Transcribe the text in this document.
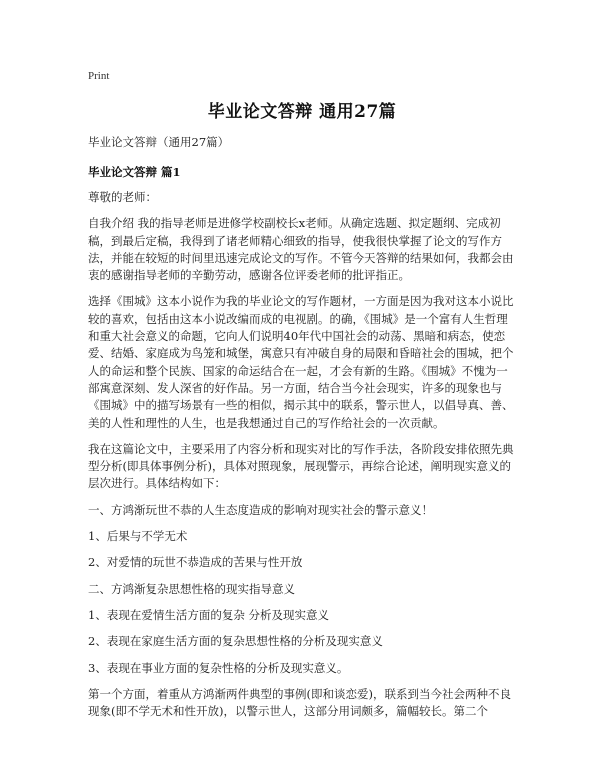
Print
毕业论文答辩 通用27篇
毕业论文答辩（通用27篇）
毕业论文答辩 篇1

尊敬的老师：

自我介绍 我的指导老师是进修学校副校长x老师。从确定选题、拟定题纲、完成初稿，到最后定稿，我得到了诸老师精心细致的指导，使我很快掌握了论文的写作方法，并能在较短的时间里迅速完成论文的写作。不管今天答辩的结果如何，我都会由衷的感谢指导老师的辛勤劳动，感谢各位评委老师的批评指正。

选择《围城》这本小说作为我的毕业论文的写作题材，一方面是因为我对这本小说比较的喜欢，包括由这本小说改编而成的电视剧。的确，《围城》是一个富有人生哲理和重大社会意义的命题，它向人们说明40年代中国社会的动荡、黑暗和病态，使恋爱、结婚、家庭成为鸟笼和城堡，寓意只有冲破自身的局限和昏暗社会的围城，把个人的命运和整个民族、国家的命运结合在一起，才会有新的生路。《围城》不愧为一部寓意深刻、发人深省的好作品。另一方面，结合当今社会现实，许多的现象也与《围城》中的描写场景有一些的相似，揭示其中的联系，警示世人，以倡导真、善、美的人性和理性的人生，也是我想通过自己的写作给社会的一次贡献。

我在这篇论文中，主要采用了内容分析和现实对比的写作手法，各阶段安排依照先典型分析(即具体事例分析)，具体对照现象，展现警示，再综合论述，阐明现实意义的层次进行。具体结构如下：

一、方鸿渐玩世不恭的人生态度造成的影响对现实社会的警示意义！

1、后果与不学无术

2、对爱情的玩世不恭造成的苦果与性开放

二、方鸿渐复杂思想性格的现实指导意义

1、表现在爱情生活方面的复杂 分析及现实意义

2、表现在家庭生活方面的复杂思想性格的分析及现实意义

3、表现在事业方面的复杂性格的分析及现实意义。

第一个方面，着重从方鸿渐两件典型的事例(即和谈恋爱)，联系到当今社会两种不良现象(即不学无术和性开放)，以警示世人，这部分用词颇多，篇幅较长。第二个
